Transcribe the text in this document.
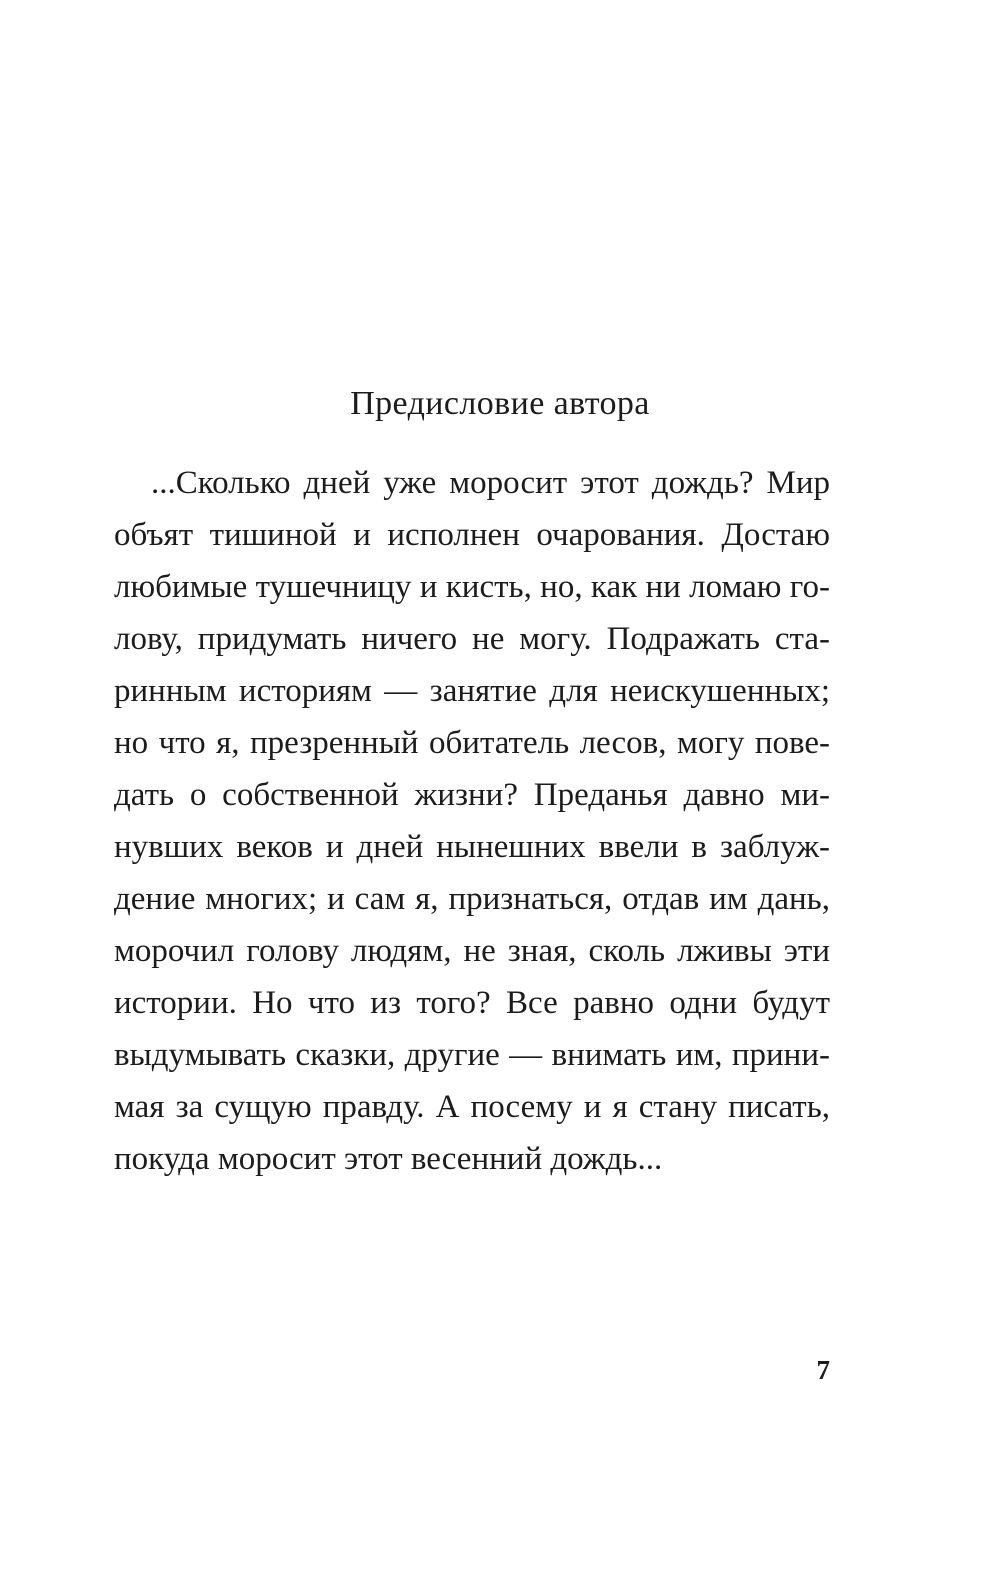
Предисловие автора
...Сколько дней уже моросит этот дождь? Мир
объят тишиной и исполнен очарования. Достаю
любимые тушечницу и кисть, но, как ни ломаю го-
лову, придумать ничего не могу. Подражать ста-
ринным историям — занятие для неискушенных;
но что я, презренный обитатель лесов, могу пове-
дать о собственной жизни? Преданья давно ми-
нувших веков и дней нынешних ввели в заблуж-
дение многих; и сам я, признаться, отдав им дань,
морочил голову людям, не зная, сколь лживы эти
истории. Но что из того? Все равно одни будут
выдумывать сказки, другие — внимать им, прини-
мая за сущую правду. А посему и я стану писать,
покуда моросит этот весенний дождь...
7
